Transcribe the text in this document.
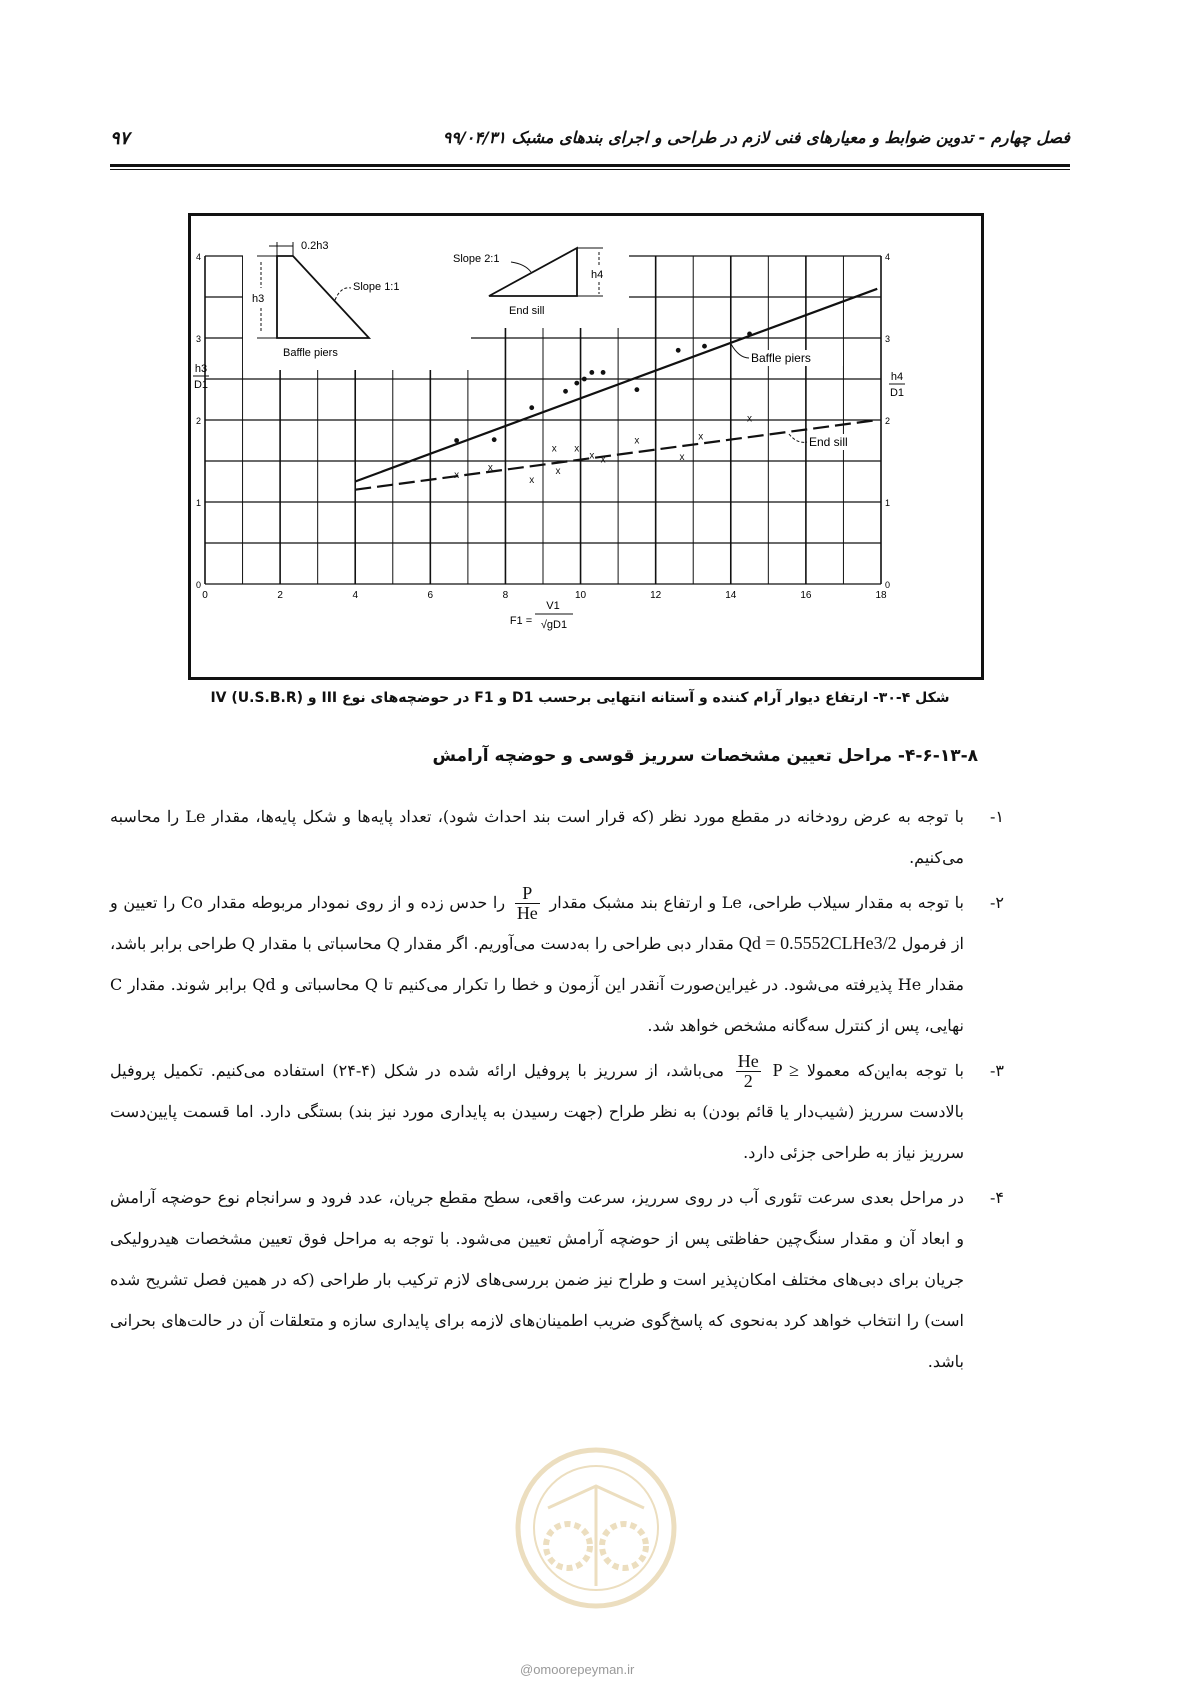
فصل چهارم - تدوین ضوابط و معیارهای فنی لازم در طراحی و اجرای بندهای مشبک ۹۹/۰۴/۳۱
۹۷
0	2	4	6	8	10	12	14	16	18
0
1
2
3
4
0
1
2
3
4
x
x
x
x
x
x
x x
x
x
x
x
0.2h3
h3
Slope 1:1
Baffle piers
h4
Slope 2:1
End sill
Baffle piers
End sill
h3
D1
h4
D1
F1 =
V1
√gD1
شکل ۴-۳۰- ارتفاع دیوار آرام کننده و آستانه انتهایی برحسب D1 و F1 در حوضچه‌های نوع III و IV (U.S.B.R)
۴-۶-۱۳-۸- مراحل تعیین مشخصات سرریز قوسی و حوضچه آرامش
۱-
با توجه به عرض رودخانه در مقطع مورد نظر (که قرار است بند احداث شود)، تعداد پایه‌ها و شکل پایه‌ها، مقدار Le را محاسبه می‌کنیم.
۲-
با توجه به مقدار سیلاب طراحی، Le و ارتفاع بند مشبک مقدار
$\frac{P}{He}$
را حدس زده و از روی نمودار مربوطه مقدار Co را تعیین و از فرمول Qd = 0.5552CLHe3/2 مقدار دبی طراحی را به‌دست می‌آوریم. اگر مقدار Q محاسباتی با مقدار Q طراحی برابر باشد، مقدار He پذیرفته می‌شود. در غیراین‌صورت آنقدر این آزمون و خطا را تکرار می‌کنیم تا Q محاسباتی و Qd برابر شوند. مقدار C نهایی، پس از کنترل سه‌گانه مشخص خواهد شد.
۳-
با توجه به‌این‌که معمولا P ≥
$\frac{He}{2}$
می‌باشد، از سرریز با پروفیل ارائه شده در شکل (۴-۲۴) استفاده می‌کنیم. تکمیل پروفیل بالادست سرریز (شیب‌دار یا قائم بودن) به نظر طراح (جهت رسیدن به پایداری مورد نیز بند) بستگی دارد. اما قسمت پایین‌دست سرریز نیاز به طراحی جزئی دارد.
۴-
در مراحل بعدی سرعت تئوری آب در روی سرریز، سرعت واقعی، سطح مقطع جریان، عدد فرود و سرانجام نوع حوضچه آرامش و ابعاد آن و مقدار سنگ‌چین حفاظتی پس از حوضچه آرامش تعیین می‌شود. با توجه به مراحل فوق تعیین مشخصات هیدرولیکی جریان برای دبی‌های مختلف امکان‌پذیر است و طراح نیز ضمن بررسی‌های لازم ترکیب بار طراحی (که در همین فصل تشریح شده است) را انتخاب خواهد کرد به‌نحوی که پاسخ‌گوی ضریب اطمینان‌های لازمه برای پایداری سازه و متعلقات آن در حالت‌های بحرانی باشد.
@omoorepeyman.ir
